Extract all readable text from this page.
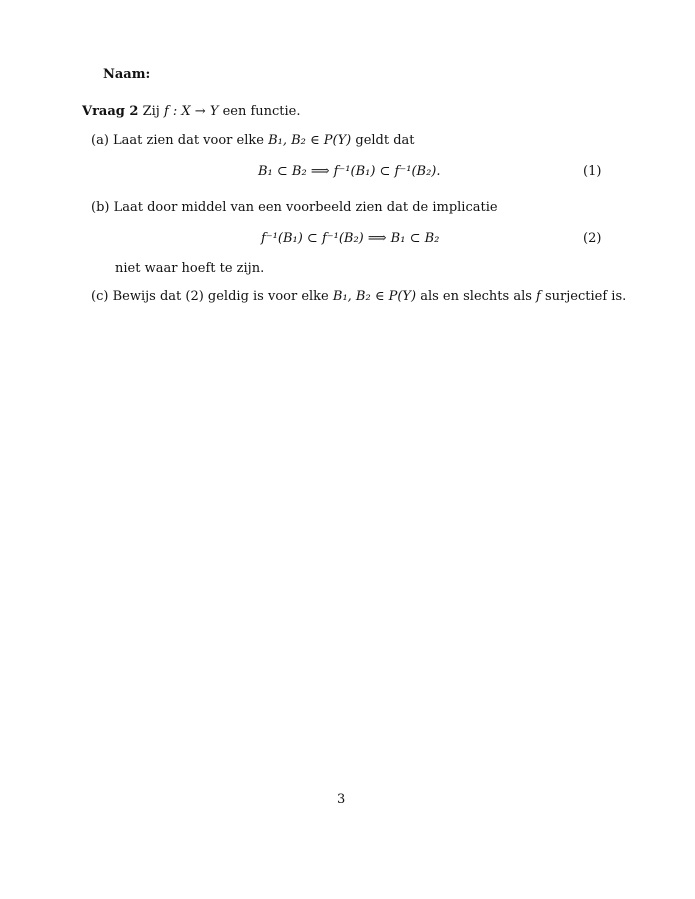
Naam:
Vraag 2 Zij f : X → Y een functie.
(a) Laat zien dat voor elke B₁, B₂ ∈ P(Y) geldt dat
B₁ ⊂ B₂ ⟹ f⁻¹(B₁) ⊂ f⁻¹(B₂).	(1)
(b) Laat door middel van een voorbeeld zien dat de implicatie
f⁻¹(B₁) ⊂ f⁻¹(B₂) ⟹ B₁ ⊂ B₂	(2)
niet waar hoeft te zijn.
(c) Bewijs dat (2) geldig is voor elke B₁, B₂ ∈ P(Y) als en slechts als f surjectief is.
3
